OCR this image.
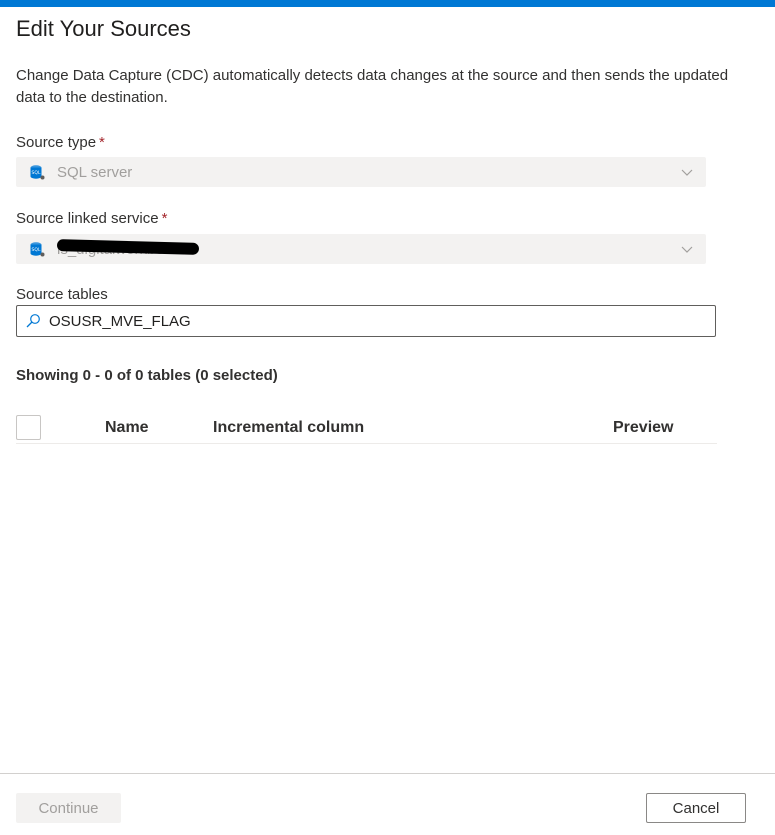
Edit Your Sources
Change Data Capture (CDC) automatically detects data changes at the source and then sends the updated data to the destination.
Source type *
SQL SQL server
Source linked service *
SQL
Source tables
OSUSR_MVE_FLAG
Showing 0 - 0 of 0 tables (0 selected)
Name	Incremental column	Preview
Continue	Cancel
